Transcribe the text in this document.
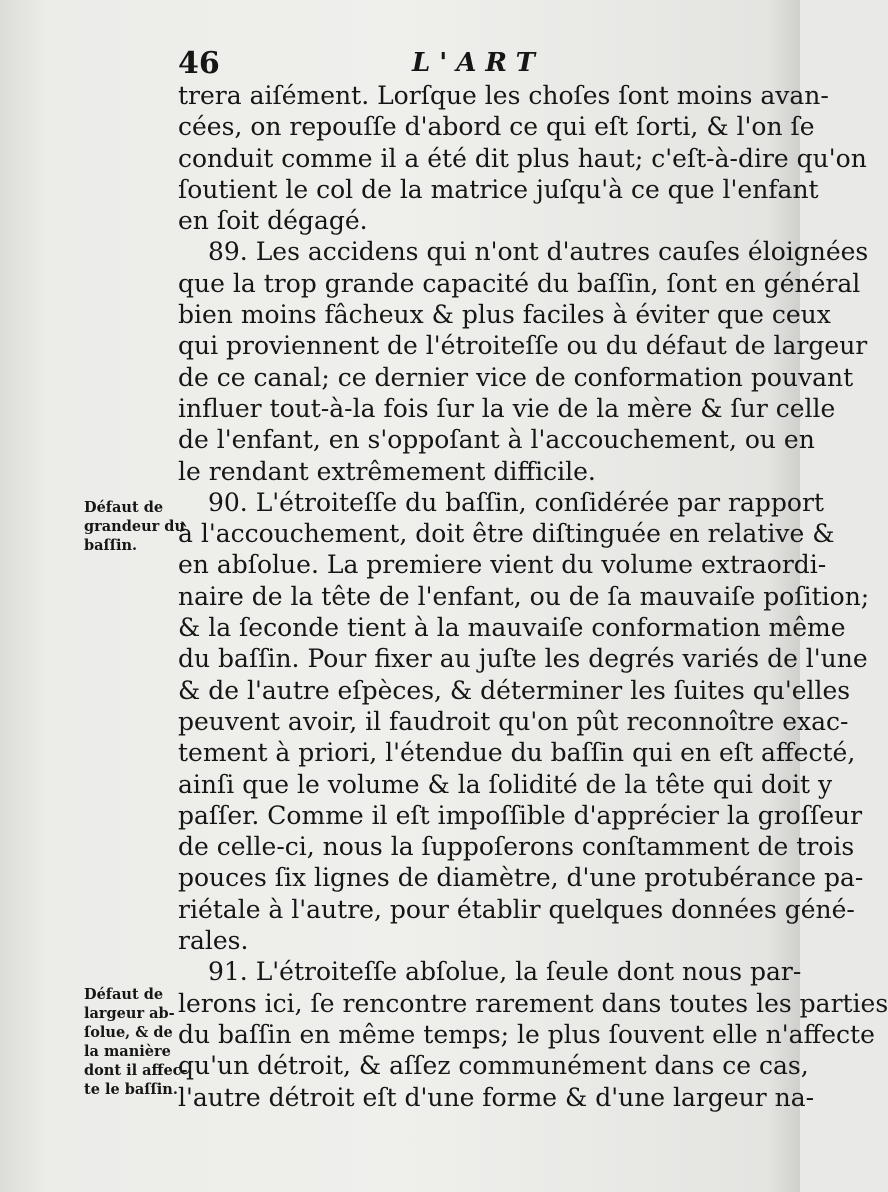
46	L'ART
trera aiſément. Lorſque les choſes ſont moins avan-
cées, on repouſſe d'abord ce qui eſt ſorti, & l'on ſe
conduit comme il a été dit plus haut; c'eſt-à-dire qu'on
ſoutient le col de la matrice juſqu'à ce que l'enfant
en ſoit dégagé.
89. Les accidens qui n'ont d'autres cauſes éloignées
que la trop grande capacité du baſſin, ſont en général
bien moins fâcheux & plus faciles à éviter que ceux
qui proviennent de l'étroiteſſe ou du défaut de largeur
de ce canal; ce dernier vice de conformation pouvant
influer tout-à-la fois ſur la vie de la mère & ſur celle
de l'enfant, en s'oppoſant à l'accouchement, ou en
le rendant extrêmement difficile.
90. L'étroiteſſe du baſſin, conſidérée par rapport
à l'accouchement, doit être diſtinguée en relative &
en abſolue. La premiere vient du volume extraordi-
naire de la tête de l'enfant, ou de ſa mauvaiſe poſition;
& la ſeconde tient à la mauvaiſe conformation même
du baſſin. Pour fixer au juſte les degrés variés de l'une
& de l'autre eſpèces, & déterminer les ſuites qu'elles
peuvent avoir, il faudroit qu'on pût reconnoître exac-
tement à priori, l'étendue du baſſin qui en eſt affecté,
ainſi que le volume & la ſolidité de la tête qui doit y
paſſer. Comme il eſt impoſſible d'apprécier la groſſeur
de celle-ci, nous la ſuppoſerons conſtamment de trois
pouces ſix lignes de diamètre, d'une protubérance pa-
riétale à l'autre, pour établir quelques données géné-
rales.
91. L'étroiteſſe abſolue, la ſeule dont nous par-
lerons ici, ſe rencontre rarement dans toutes les parties
du baſſin en même temps; le plus ſouvent elle n'affecte
qu'un détroit, & aſſez communément dans ce cas,
l'autre détroit eſt d'une forme & d'une largeur na-
Défaut de
grandeur du
baſſin.
Défaut de
largeur ab-
ſolue, & de
la manière
dont il affec-
te le baſſin.
